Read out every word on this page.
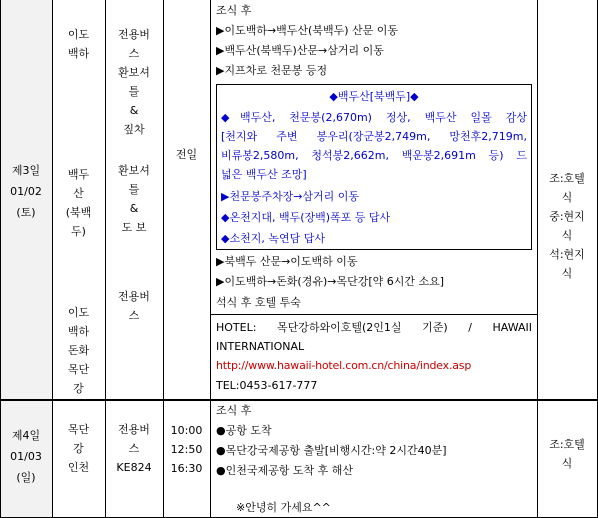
제3일
01/02
(토)
이도
백하
백두
산
(북백
두)
이도
백하
돈화
목단
강
전용버
스
환보셔
틀
&
짚차
환보셔
틀
&
도 보
전용버
스
전일
조식 후
▶이도백하→백두산(북백두) 산문 이동
▶백두산(북백두)산문→삼거리 이동
▶지프차로 천문봉 등정
◆백두산[북백두]◆
◆백두산, 천문봉(2,670m) 정상, 백두산 일몰 감상
[천지와 주변 봉우리(장군봉2,749m, 망천후2,719m,
비류봉2,580m, 청석봉2,662m, 백운봉2,691m 등) 드
넓은 백두산 조망]
▶천문봉주차장→삼거리 이동
◆온천지대, 백두(장백)폭포 등 답사
◆소천지, 녹연담 답사
▶북백두 산문→이도백하 이동
▶이도백하→돈화(경유)→목단강[약 6시간 소요]
석식 후 호텔 투숙
HOTEL: 목단강하와이호텔(2인1실 기준) / HAWAII
INTERNATIONAL
http://www.hawaii-hotel.com.cn/china/index.asp
TEL:0453-617-777
조:호텔
식
중:현지
식
석:현지
식
제4일
01/03
(일)
목단
강
인천
전용버
스
KE824
10:00
12:50
16:30
조식 후
●공항 도착
●목단강국제공항 출발[비행시간:약 2시간40분]
●인천국제공항 도착 후 해산
※안녕히 가세요^^
조:호텔
식
